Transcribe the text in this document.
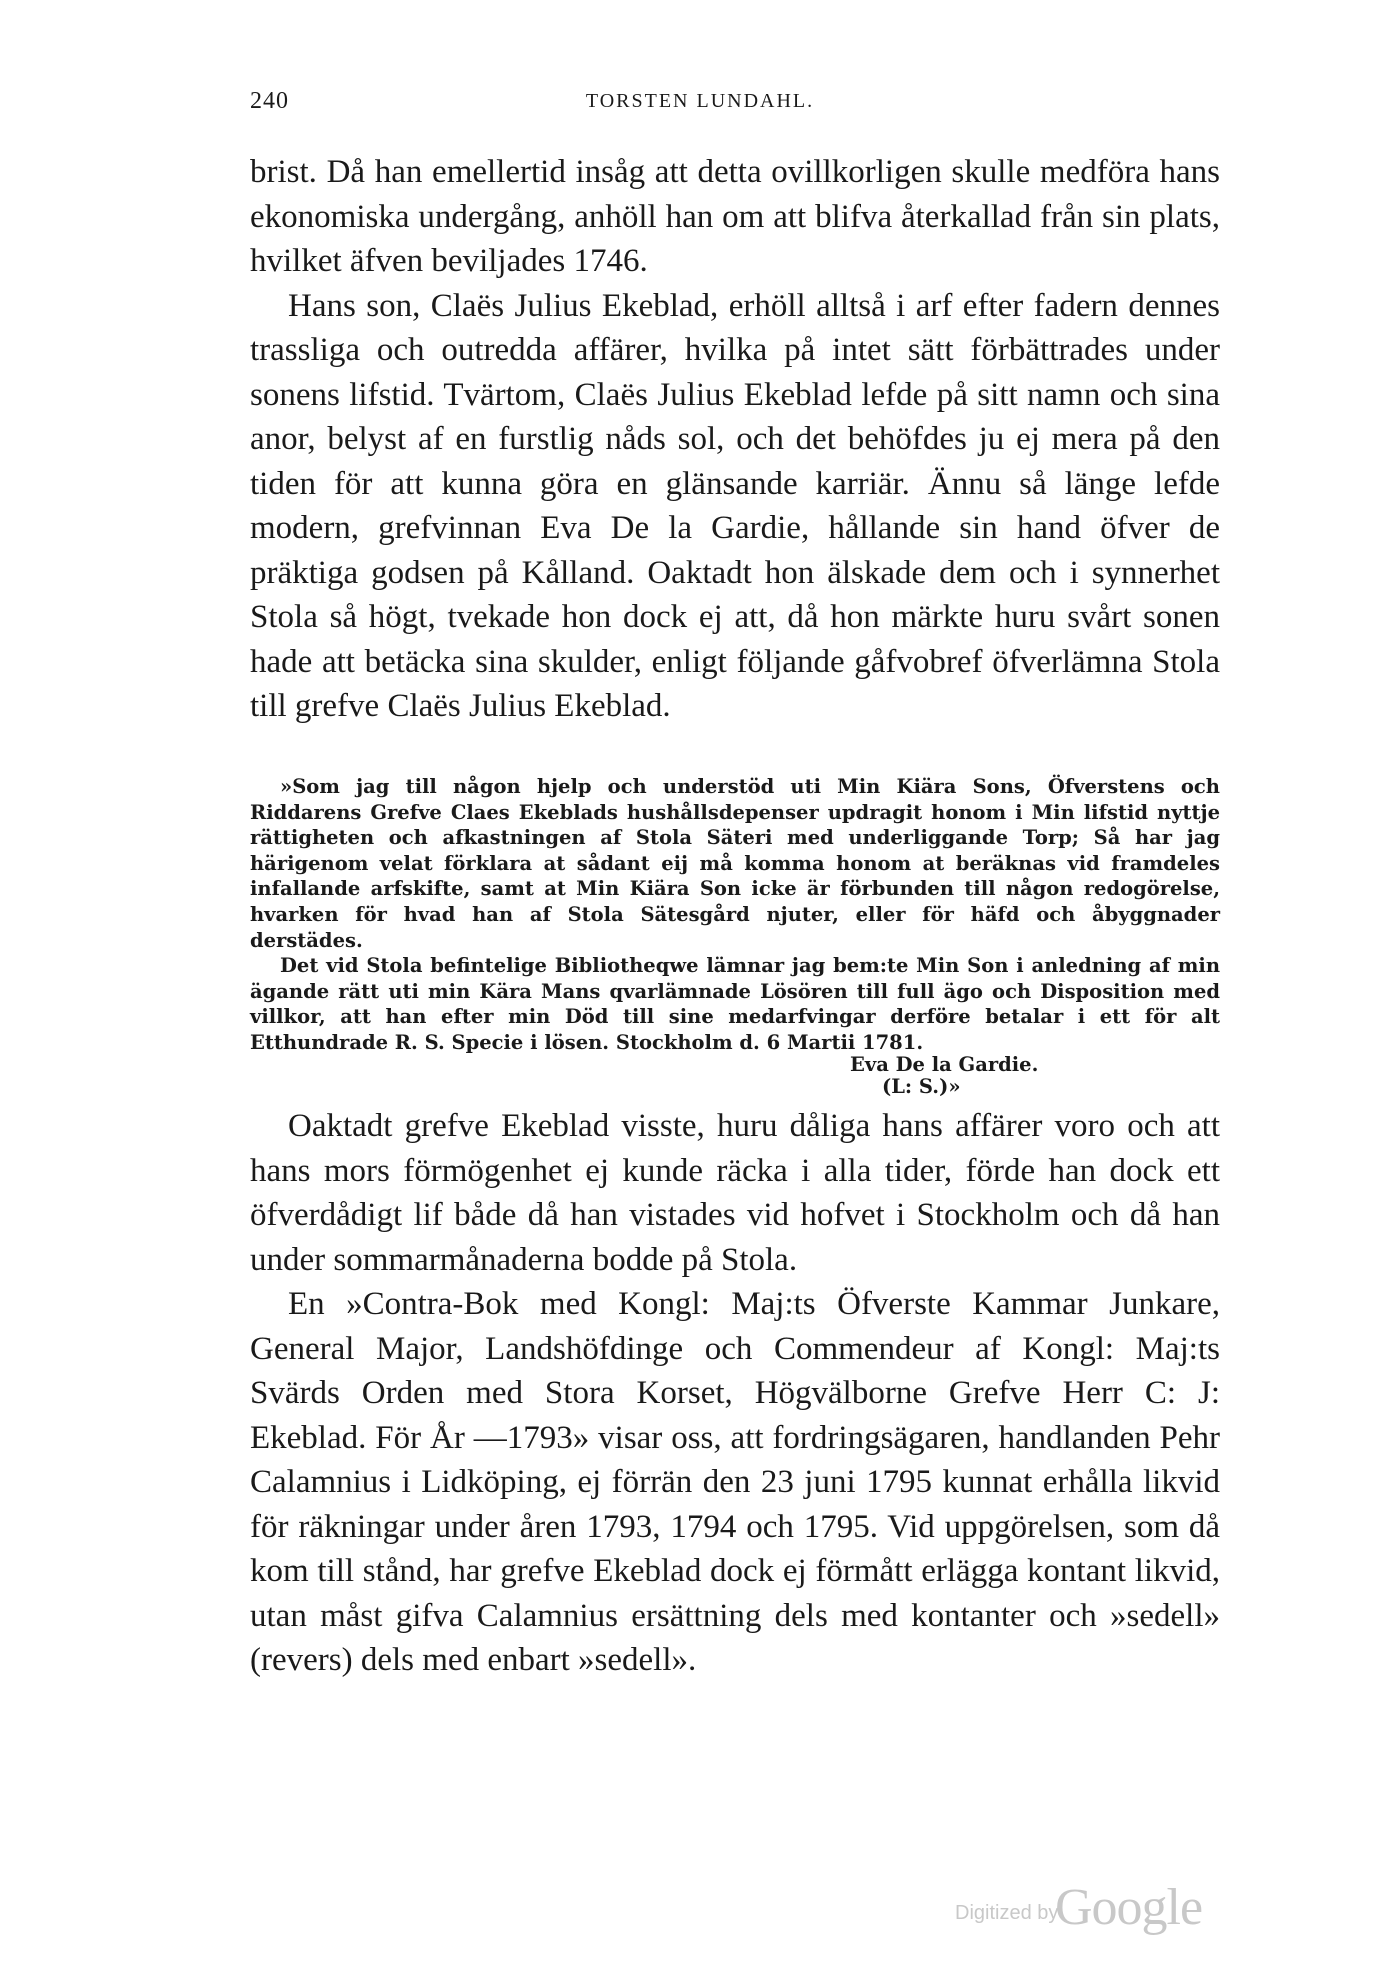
240	TORSTEN LUNDAHL.

brist. Då han emellertid insåg att detta ovillkorligen skulle medföra hans ekonomiska undergång, anhöll han om att blifva återkallad från sin plats, hvilket äfven beviljades 1746.

Hans son, Claës Julius Ekeblad, erhöll alltså i arf efter fadern dennes trassliga och outredda affärer, hvilka på intet sätt förbättrades under sonens lifstid. Tvärtom, Claës Julius Ekeblad lefde på sitt namn och sina anor, belyst af en furstlig nåds sol, och det behöfdes ju ej mera på den tiden för att kunna göra en glänsande karriär. Ännu så länge lefde modern, grefvinnan Eva De la Gardie, hållande sin hand öfver de präktiga godsen på Kålland. Oaktadt hon älskade dem och i synnerhet Stola så högt, tvekade hon dock ej att, då hon märkte huru svårt sonen hade att betäcka sina skulder, enligt följande gåfvobref öfverlämna Stola till grefve Claës Julius Ekeblad.

»Som jag till någon hjelp och understöd uti Min Kiära Sons, Öfverstens och Riddarens Grefve Claes Ekeblads hushållsdepenser updragit honom i Min lifstid nyttje rättigheten och afkastningen af Stola Säteri med underliggande Torp; Så har jag härigenom velat förklara at sådant eij må komma honom at beräknas vid framdeles infallande arfskifte, samt at Min Kiära Son icke är förbunden till någon redogörelse, hvarken för hvad han af Stola Sätesgård njuter, eller för häfd och åbyggnader derstädes.

Det vid Stola befintelige Bibliotheqwe lämnar jag bem:te Min Son i anledning af min ägande rätt uti min Kära Mans qvarlämnade Lösören till full ägo och Disposition med villkor, att han efter min Död till sine medarfvingar derföre betalar i ett för alt Etthundrade R. S. Specie i lösen. Stockholm d. 6 Martii 1781.

Eva De la Gardie.
(L: S.)»

Oaktadt grefve Ekeblad visste, huru dåliga hans affärer voro och att hans mors förmögenhet ej kunde räcka i alla tider, förde han dock ett öfverdådigt lif både då han vistades vid hofvet i Stockholm och då han under sommarmånaderna bodde på Stola.

En »Contra-Bok med Kongl: Maj:ts Öfverste Kammar Junkare, General Major, Landshöfdinge och Commendeur af Kongl: Maj:ts Svärds Orden med Stora Korset, Högvälborne Grefve Herr C: J: Ekeblad. För År —1793» visar oss, att fordringsägaren, handlanden Pehr Calamnius i Lidköping, ej förrän den 23 juni 1795 kunnat erhålla likvid för räkningar under åren 1793, 1794 och 1795. Vid uppgörelsen, som då kom till stånd, har grefve Ekeblad dock ej förmått erlägga kontant likvid, utan måst gifva Calamnius ersättning dels med kontanter och »sedell» (revers) dels med enbart »sedell».

Digitized by
Google
